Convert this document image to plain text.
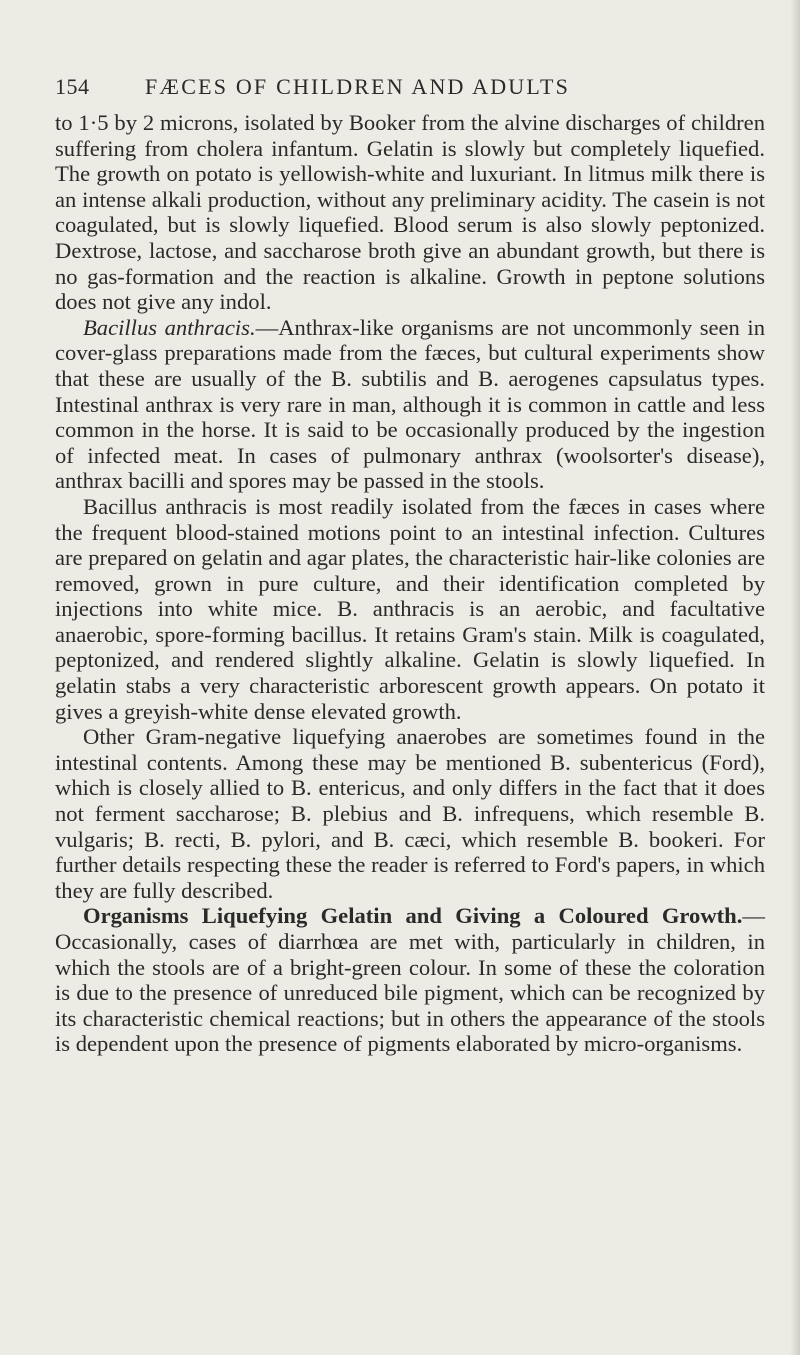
154	FÆCES OF CHILDREN AND ADULTS

to 1·5 by 2 microns, isolated by Booker from the alvine discharges of children suffering from cholera infantum. Gelatin is slowly but completely liquefied. The growth on potato is yellowish-white and luxuriant. In litmus milk there is an intense alkali production, without any preliminary acidity. The casein is not coagulated, but is slowly liquefied. Blood serum is also slowly peptonized. Dextrose, lactose, and saccharose broth give an abundant growth, but there is no gas-formation and the reaction is alkaline. Growth in peptone solutions does not give any indol.

Bacillus anthracis.—Anthrax-like organisms are not uncommonly seen in cover-glass preparations made from the fæces, but cultural experiments show that these are usually of the B. subtilis and B. aerogenes capsulatus types. Intestinal anthrax is very rare in man, although it is common in cattle and less common in the horse. It is said to be occasionally produced by the ingestion of infected meat. In cases of pulmonary anthrax (woolsorter's disease), anthrax bacilli and spores may be passed in the stools.

Bacillus anthracis is most readily isolated from the fæces in cases where the frequent blood-stained motions point to an intestinal infection. Cultures are prepared on gelatin and agar plates, the characteristic hair-like colonies are removed, grown in pure culture, and their identification completed by injections into white mice. B. anthracis is an aerobic, and facultative anaerobic, spore-forming bacillus. It retains Gram's stain. Milk is coagulated, peptonized, and rendered slightly alkaline. Gelatin is slowly liquefied. In gelatin stabs a very characteristic arborescent growth appears. On potato it gives a greyish-white dense elevated growth.

Other Gram-negative liquefying anaerobes are sometimes found in the intestinal contents. Among these may be mentioned B. subentericus (Ford), which is closely allied to B. entericus, and only differs in the fact that it does not ferment saccharose; B. plebius and B. infrequens, which resemble B. vulgaris; B. recti, B. pylori, and B. cæci, which resemble B. bookeri. For further details respecting these the reader is referred to Ford's papers, in which they are fully described.

Organisms Liquefying Gelatin and Giving a Coloured Growth.—Occasionally, cases of diarrhœa are met with, particularly in children, in which the stools are of a bright-green colour. In some of these the coloration is due to the presence of unreduced bile pigment, which can be recognized by its characteristic chemical reactions; but in others the appearance of the stools is dependent upon the presence of pigments elaborated by micro-organisms.
